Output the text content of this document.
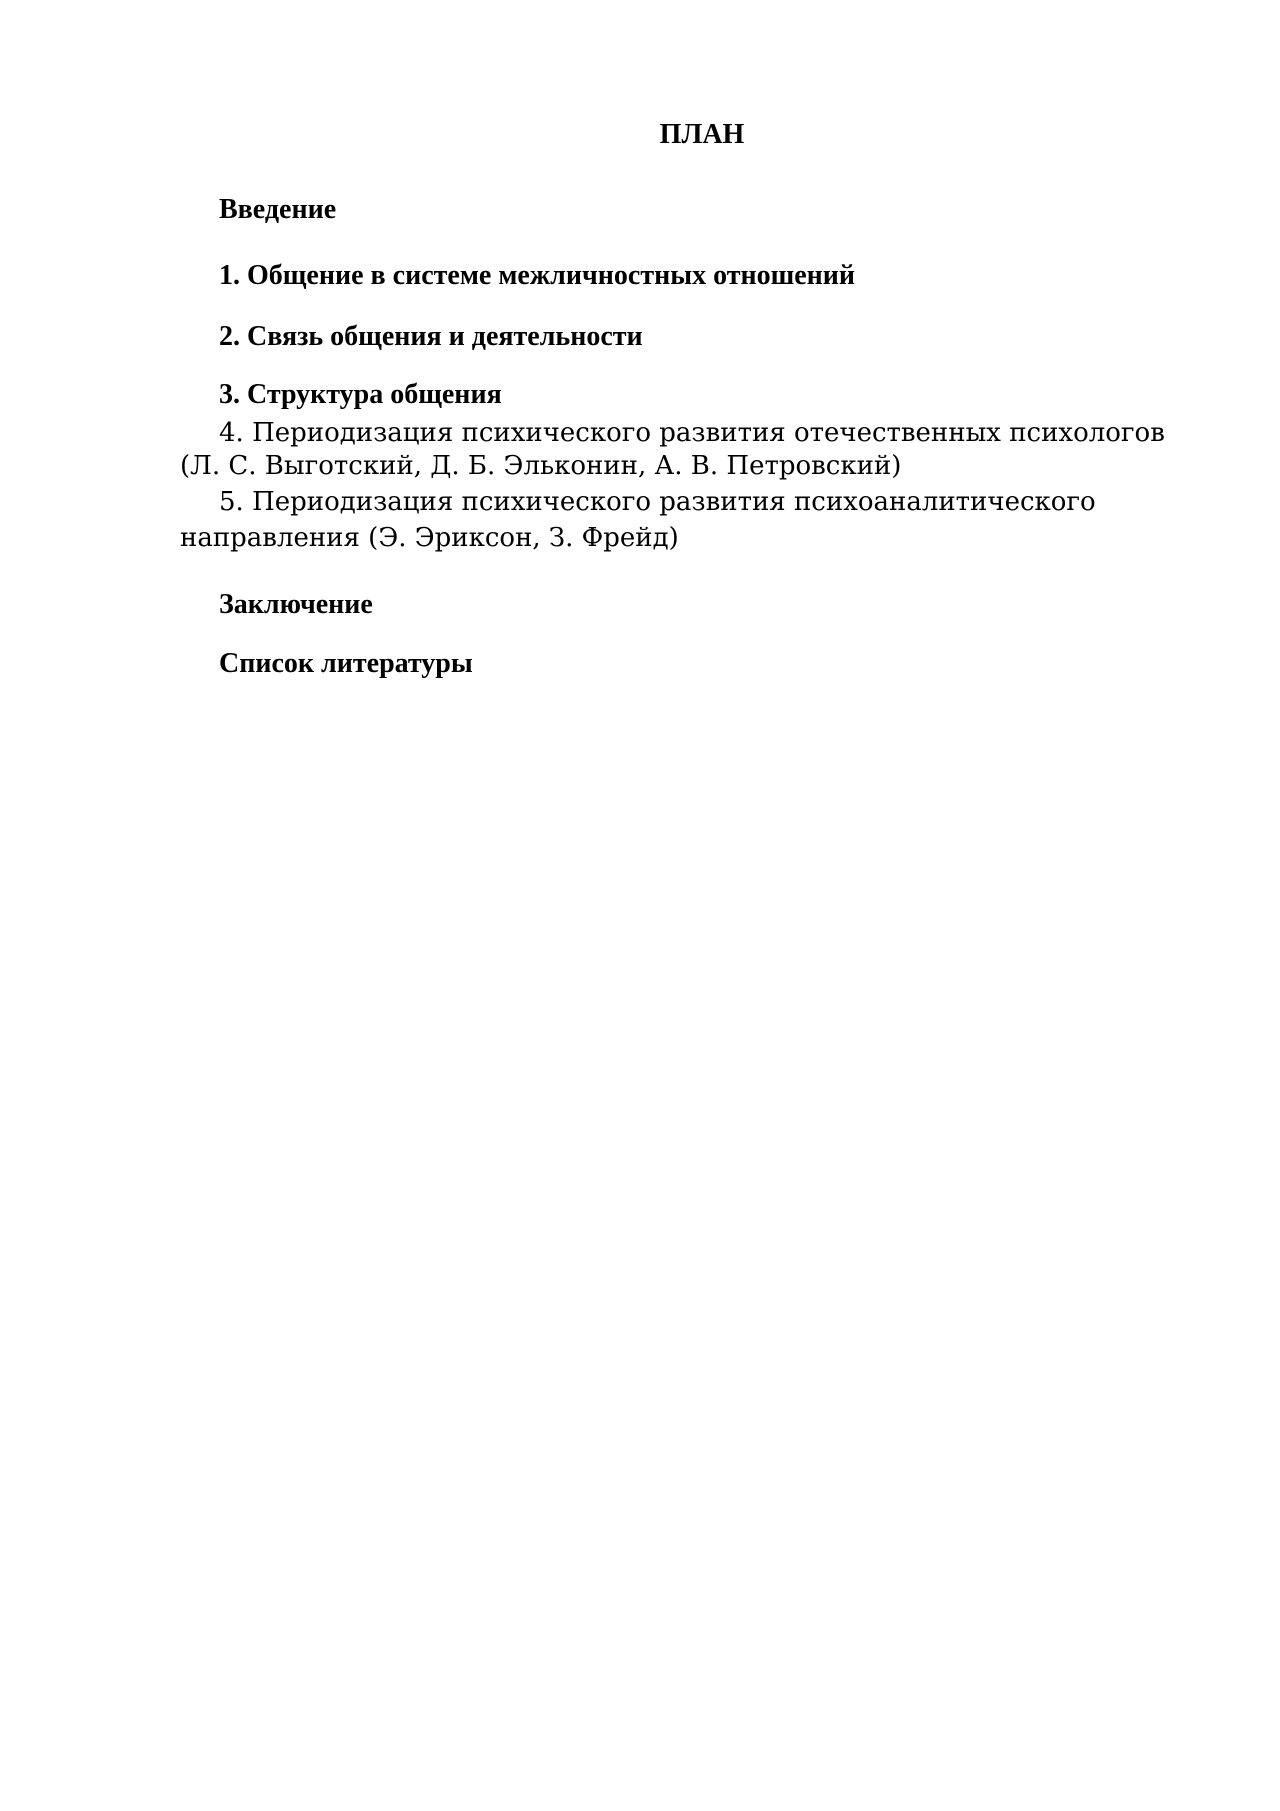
ПЛАН
Введение
1. Общение в системе межличностных отношений
2. Связь общения и деятельности
3. Структура общения
4. Периодизация психического развития отечественных психологов (Л. С. Выготский, Д. Б. Эльконин, А. В. Петровский)
5. Периодизация психического развития психоаналитического направления (Э. Эриксон, З. Фрейд)
Заключение
Список литературы
